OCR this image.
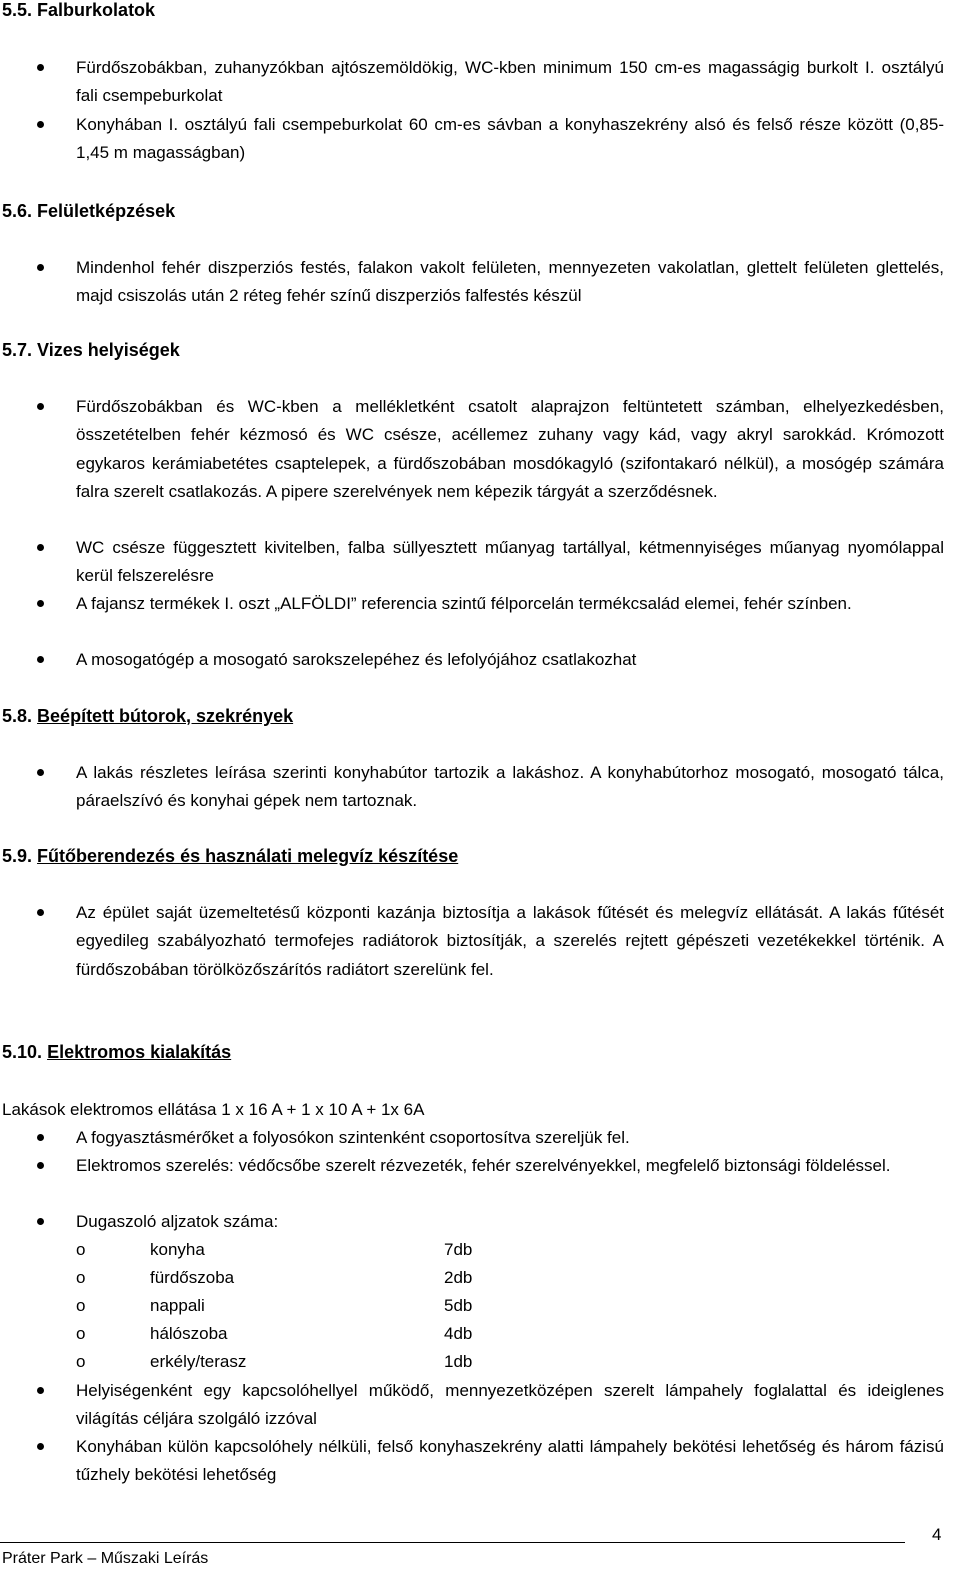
5.5. Falburkolatok

Fürdőszobákban, zuhanyzókban ajtószemöldökig, WC-kben minimum 150 cm-es magasságig burkolt I. osztályú fali csempeburkolat

Konyhában I. osztályú fali csempeburkolat 60 cm-es sávban a konyhaszekrény alsó és felső része között (0,85-1,45 m magasságban)

5.6. Felületképzések

Mindenhol fehér diszperziós festés, falakon vakolt felületen, mennyezeten vakolatlan, glettelt felületen glettelés, majd csiszolás után 2 réteg fehér színű diszperziós falfestés készül

5.7. Vizes helyiségek

Fürdőszobákban és WC-kben a mellékletként csatolt alaprajzon feltüntetett számban, elhelyezkedésben, összetételben fehér kézmosó és WC csésze, acéllemez zuhany vagy kád, vagy akryl sarokkád. Krómozott egykaros kerámiabetétes csaptelepek, a fürdőszobában mosdókagyló (szifontakaró nélkül), a mosógép számára falra szerelt csatlakozás. A pipere szerelvények nem képezik tárgyát a szerződésnek.

WC csésze függesztett kivitelben, falba süllyesztett műanyag tartállyal, kétmennyiséges műanyag nyomólappal kerül felszerelésre

A fajansz termékek I. oszt „ALFÖLDI” referencia szintű félporcelán termékcsalád elemei, fehér színben.

A mosogatógép a mosogató sarokszelepéhez és lefolyójához csatlakozhat

5.8. Beépített bútorok, szekrények

A lakás részletes leírása szerinti konyhabútor tartozik a lakáshoz. A konyhabútorhoz mosogató, mosogató tálca, páraelszívó és konyhai gépek nem tartoznak.

5.9. Fűtőberendezés és használati melegvíz készítése

Az épület saját üzemeltetésű központi kazánja biztosítja a lakások fűtését és melegvíz ellátását. A lakás fűtését egyedileg szabályozható termofejes radiátorok biztosítják, a szerelés rejtett gépészeti vezetékekkel történik. A fürdőszobában törölközőszárítós radiátort szerelünk fel.

5.10. Elektromos kialakítás

Lakások elektromos ellátása 1 x 16 A + 1 x 10 A + 1x 6A

A fogyasztásmérőket a folyosókon szintenként csoportosítva szereljük fel.

Elektromos szerelés: védőcsőbe szerelt rézvezeték, fehér szerelvényekkel, megfelelő biztonsági földeléssel.

Dugaszoló aljzatok száma:

o	konyha	7db
o	fürdőszoba	2db
o	nappali	5db
o	hálószoba	4db
o	erkély/terasz	1db

Helyiségenként egy kapcsolóhellyel működő, mennyezetközépen szerelt lámpahely foglalattal és ideiglenes világítás céljára szolgáló izzóval

Konyhában külön kapcsolóhely nélküli, felső konyhaszekrény alatti lámpahely bekötési lehetőség és három fázisú tűzhely bekötési lehetőség

4
Práter Park – Műszaki Leírás
